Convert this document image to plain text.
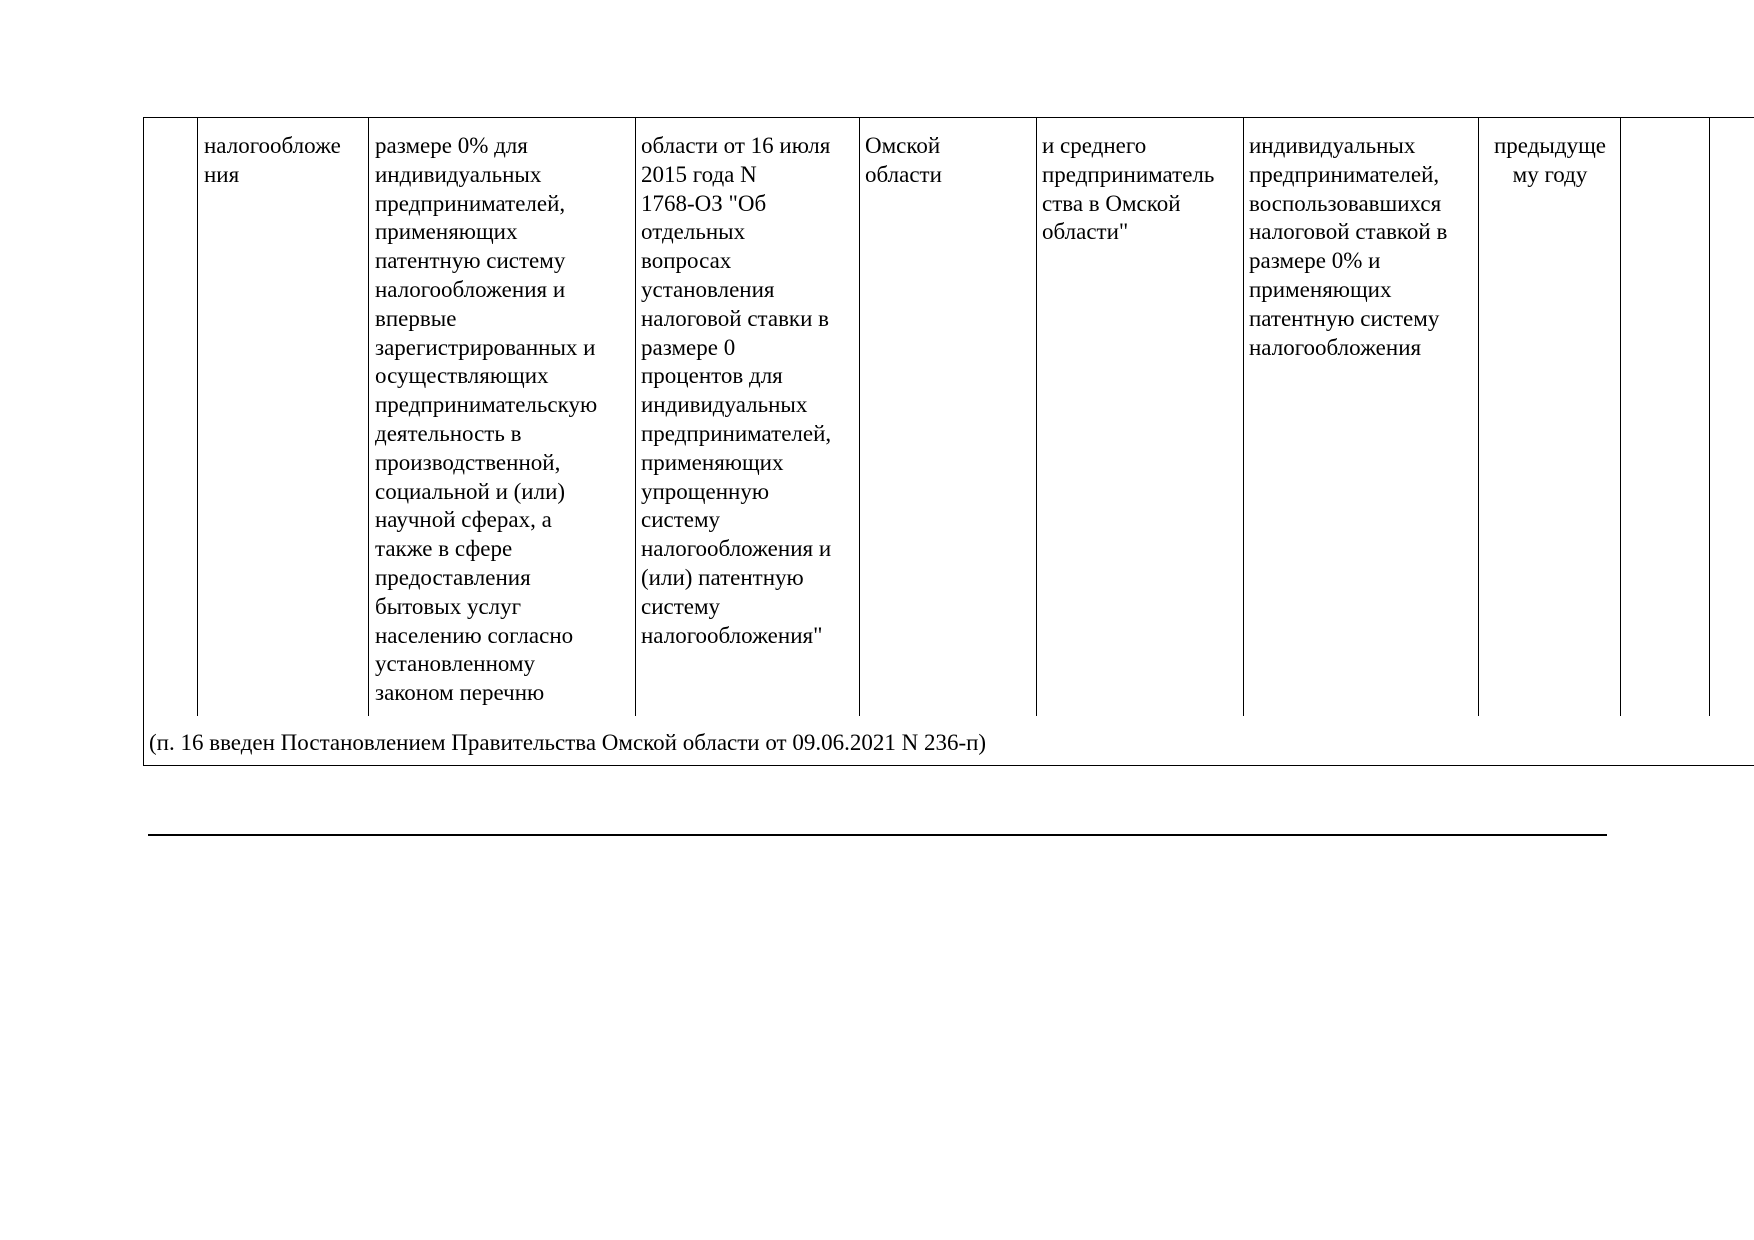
налогообложе
ния
размере 0% для
индивидуальных
предпринимателей,
применяющих
патентную систему
налогообложения и
впервые
зарегистрированных и
осуществляющих
предпринимательскую
деятельность в
производственной,
социальной и (или)
научной сферах, а
также в сфере
предоставления
бытовых услуг
населению согласно
установленному
законом перечню
области от 16 июля
2015 года N
1768-ОЗ "Об
отдельных
вопросах
установления
налоговой ставки в
размере 0
процентов для
индивидуальных
предпринимателей,
применяющих
упрощенную
систему
налогообложения и
(или) патентную
систему
налогообложения"
Омской
области
и среднего
предприниматель
ства в Омской
области"
индивидуальных
предпринимателей,
воспользовавшихся
налоговой ставкой в
размере 0% и
применяющих
патентную систему
налогообложения
предыдуще
му году
(п. 16 введен Постановлением Правительства Омской области от 09.06.2021 N 236-п)
